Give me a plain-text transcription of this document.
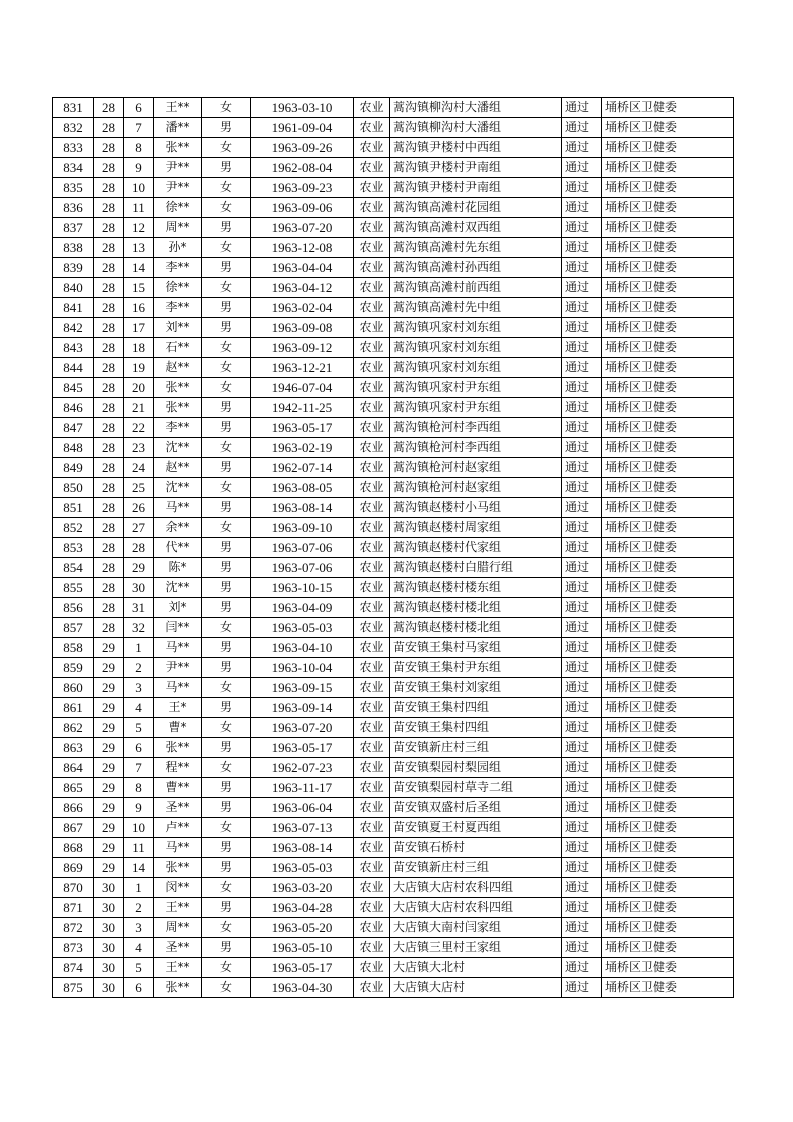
831	28	6	王**	女	1963-03-10	农业	蒿沟镇柳沟村大潘组	通过	埇桥区卫健委
832	28	7	潘**	男	1961-09-04	农业	蒿沟镇柳沟村大潘组	通过	埇桥区卫健委
833	28	8	张**	女	1963-09-26	农业	蒿沟镇尹楼村中西组	通过	埇桥区卫健委
834	28	9	尹**	男	1962-08-04	农业	蒿沟镇尹楼村尹南组	通过	埇桥区卫健委
835	28	10	尹**	女	1963-09-23	农业	蒿沟镇尹楼村尹南组	通过	埇桥区卫健委
836	28	11	徐**	女	1963-09-06	农业	蒿沟镇高滩村花园组	通过	埇桥区卫健委
837	28	12	周**	男	1963-07-20	农业	蒿沟镇高滩村双西组	通过	埇桥区卫健委
838	28	13	孙*	女	1963-12-08	农业	蒿沟镇高滩村先东组	通过	埇桥区卫健委
839	28	14	李**	男	1963-04-04	农业	蒿沟镇高滩村孙西组	通过	埇桥区卫健委
840	28	15	徐**	女	1963-04-12	农业	蒿沟镇高滩村前西组	通过	埇桥区卫健委
841	28	16	李**	男	1963-02-04	农业	蒿沟镇高滩村先中组	通过	埇桥区卫健委
842	28	17	刘**	男	1963-09-08	农业	蒿沟镇巩家村刘东组	通过	埇桥区卫健委
843	28	18	石**	女	1963-09-12	农业	蒿沟镇巩家村刘东组	通过	埇桥区卫健委
844	28	19	赵**	女	1963-12-21	农业	蒿沟镇巩家村刘东组	通过	埇桥区卫健委
845	28	20	张**	女	1946-07-04	农业	蒿沟镇巩家村尹东组	通过	埇桥区卫健委
846	28	21	张**	男	1942-11-25	农业	蒿沟镇巩家村尹东组	通过	埇桥区卫健委
847	28	22	李**	男	1963-05-17	农业	蒿沟镇枪河村李西组	通过	埇桥区卫健委
848	28	23	沈**	女	1963-02-19	农业	蒿沟镇枪河村李西组	通过	埇桥区卫健委
849	28	24	赵**	男	1962-07-14	农业	蒿沟镇枪河村赵家组	通过	埇桥区卫健委
850	28	25	沈**	女	1963-08-05	农业	蒿沟镇枪河村赵家组	通过	埇桥区卫健委
851	28	26	马**	男	1963-08-14	农业	蒿沟镇赵楼村小马组	通过	埇桥区卫健委
852	28	27	余**	女	1963-09-10	农业	蒿沟镇赵楼村周家组	通过	埇桥区卫健委
853	28	28	代**	男	1963-07-06	农业	蒿沟镇赵楼村代家组	通过	埇桥区卫健委
854	28	29	陈*	男	1963-07-06	农业	蒿沟镇赵楼村白腊行组	通过	埇桥区卫健委
855	28	30	沈**	男	1963-10-15	农业	蒿沟镇赵楼村楼东组	通过	埇桥区卫健委
856	28	31	刘*	男	1963-04-09	农业	蒿沟镇赵楼村楼北组	通过	埇桥区卫健委
857	28	32	闫**	女	1963-05-03	农业	蒿沟镇赵楼村楼北组	通过	埇桥区卫健委
858	29	1	马**	男	1963-04-10	农业	苗安镇王集村马家组	通过	埇桥区卫健委
859	29	2	尹**	男	1963-10-04	农业	苗安镇王集村尹东组	通过	埇桥区卫健委
860	29	3	马**	女	1963-09-15	农业	苗安镇王集村刘家组	通过	埇桥区卫健委
861	29	4	王*	男	1963-09-14	农业	苗安镇王集村四组	通过	埇桥区卫健委
862	29	5	曹*	女	1963-07-20	农业	苗安镇王集村四组	通过	埇桥区卫健委
863	29	6	张**	男	1963-05-17	农业	苗安镇新庄村三组	通过	埇桥区卫健委
864	29	7	程**	女	1962-07-23	农业	苗安镇梨园村梨园组	通过	埇桥区卫健委
865	29	8	曹**	男	1963-11-17	农业	苗安镇梨园村草寺二组	通过	埇桥区卫健委
866	29	9	圣**	男	1963-06-04	农业	苗安镇双盛村后圣组	通过	埇桥区卫健委
867	29	10	卢**	女	1963-07-13	农业	苗安镇夏王村夏西组	通过	埇桥区卫健委
868	29	11	马**	男	1963-08-14	农业	苗安镇石桥村	通过	埇桥区卫健委
869	29	14	张**	男	1963-05-03	农业	苗安镇新庄村三组	通过	埇桥区卫健委
870	30	1	闵**	女	1963-03-20	农业	大店镇大店村农科四组	通过	埇桥区卫健委
871	30	2	王**	男	1963-04-28	农业	大店镇大店村农科四组	通过	埇桥区卫健委
872	30	3	周**	女	1963-05-20	农业	大店镇大南村闫家组	通过	埇桥区卫健委
873	30	4	圣**	男	1963-05-10	农业	大店镇三里村王家组	通过	埇桥区卫健委
874	30	5	王**	女	1963-05-17	农业	大店镇大北村	通过	埇桥区卫健委
875	30	6	张**	女	1963-04-30	农业	大店镇大店村	通过	埇桥区卫健委
